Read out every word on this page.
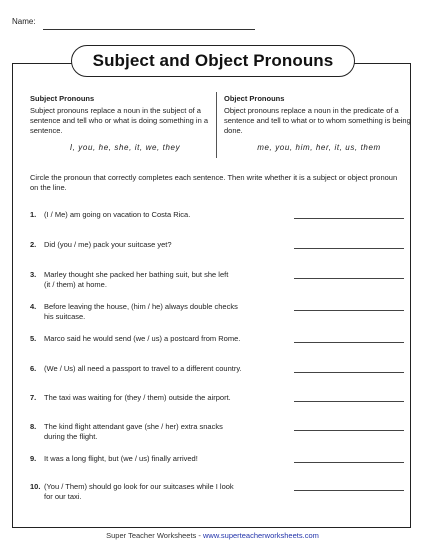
Name:
Subject and Object Pronouns
Subject Pronouns
Subject pronouns replace a noun in the subject of a sentence and tell who or what is doing something in a sentence.
I, you, he, she, it, we, they
Object Pronouns
Object pronouns replace a noun in the predicate of a sentence and tell to what or to whom something is being done.
me, you, him, her, it, us, them
Circle the pronoun that correctly completes each sentence. Then write whether it is a subject or object pronoun on the line.
1. (I / Me) am going on vacation to Costa Rica.
2. Did (you / me) pack your suitcase yet?
3. Marley thought she packed her bathing suit, but she left
(it / them) at home.
4. Before leaving the house, (him / he) always double checks
his suitcase.
5. Marco said he would send (we / us) a postcard from Rome.
6. (We / Us) all need a passport to travel to a different country.
7. The taxi was waiting for (they / them) outside the airport.
8. The kind flight attendant gave (she / her) extra snacks
during the flight.
9. It was a long flight, but (we / us) finally arrived!
10. (You / Them) should go look for our suitcases while I look
for our taxi.
Super Teacher Worksheets - www.superteacherworksheets.com
